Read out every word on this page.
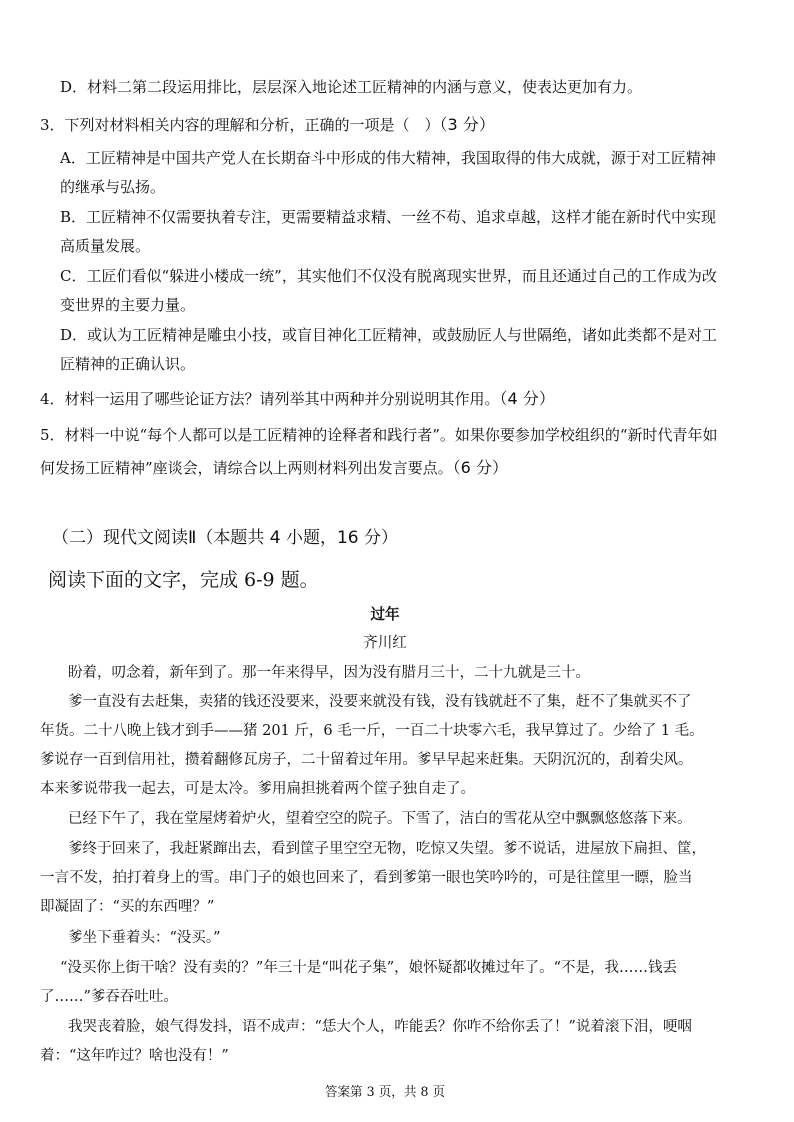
D．材料二第二段运用排比，层层深入地论述工匠精神的内涵与意义，使表达更加有力。
3．下列对材料相关内容的理解和分析，正确的一项是（　）（3 分）
A．工匠精神是中国共产党人在长期奋斗中形成的伟大精神，我国取得的伟大成就，源于对工匠精神
的继承与弘扬。
B．工匠精神不仅需要执着专注，更需要精益求精、一丝不苟、追求卓越，这样才能在新时代中实现
高质量发展。
C．工匠们看似“躲进小楼成一统”，其实他们不仅没有脱离现实世界，而且还通过自己的工作成为改
变世界的主要力量。
D．或认为工匠精神是雕虫小技，或盲目神化工匠精神，或鼓励匠人与世隔绝，诸如此类都不是对工
匠精神的正确认识。
4．材料一运用了哪些论证方法？请列举其中两种并分别说明其作用。（4 分）
5．材料一中说“每个人都可以是工匠精神的诠释者和践行者”。如果你要参加学校组织的“新时代青年如
何发扬工匠精神”座谈会，请综合以上两则材料列出发言要点。（6 分）
（二）现代文阅读Ⅱ（本题共 4 小题，16 分）
阅读下面的文字，完成 6-9 题。
过年
齐川红
盼着，叨念着，新年到了。那一年来得早，因为没有腊月三十，二十九就是三十。
爹一直没有去赶集，卖猪的钱还没要来，没要来就没有钱，没有钱就赶不了集，赶不了集就买不了
年货。二十八晚上钱才到手——猪 201 斤，6 毛一斤，一百二十块零六毛，我早算过了。少给了 1 毛。
爹说存一百到信用社，攒着翻修瓦房子，二十留着过年用。爹早早起来赶集。天阴沉沉的，刮着尖风。
本来爹说带我一起去，可是太冷。爹用扁担挑着两个筐子独自走了。
已经下午了，我在堂屋烤着炉火，望着空空的院子。下雪了，洁白的雪花从空中飘飘悠悠落下来。
爹终于回来了，我赶紧蹿出去，看到筐子里空空无物，吃惊又失望。爹不说话，进屋放下扁担、筐，
一言不发，拍打着身上的雪。串门子的娘也回来了，看到爹第一眼也笑吟吟的，可是往筐里一瞟，脸当
即凝固了：“买的东西哩？”
爹坐下垂着头：“没买。”
“没买你上街干啥？没有卖的？”年三十是“叫花子集”，娘怀疑都收摊过年了。“不是，我……钱丢
了……”爹吞吞吐吐。
我哭丧着脸，娘气得发抖，语不成声：“恁大个人，咋能丢？你咋不给你丢了！”说着滚下泪，哽咽
着：“这年咋过？啥也没有！”
答案第 3 页，共 8 页
